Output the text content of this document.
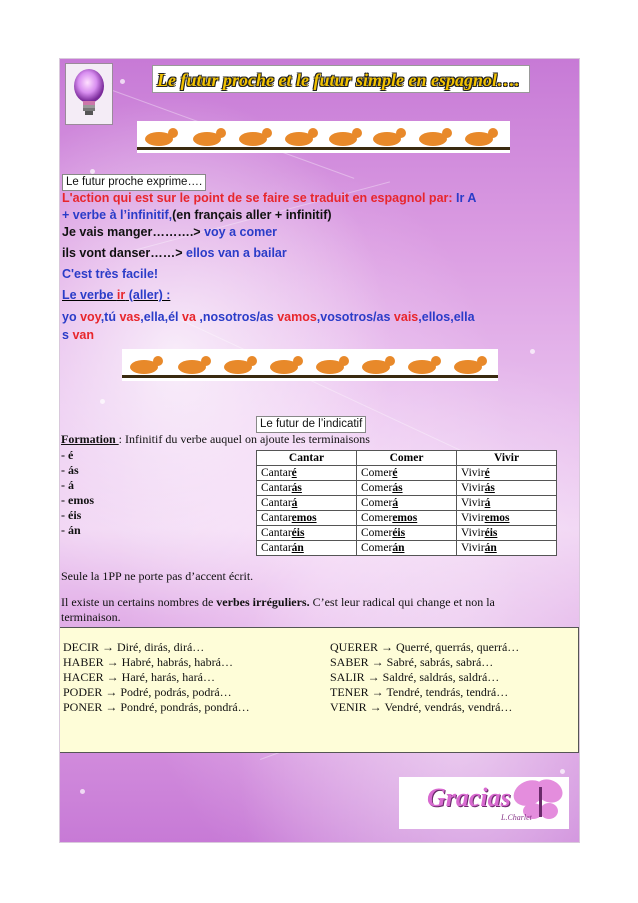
Le futur proche et le futur simple en espagnol….
Le futur proche exprime….
L'action qui est sur le point de se faire se traduit en espagnol par: Ir A
+ verbe à l’infinitif,(en français aller + infinitif)
Je vais manger……….> voy a comer
ils vont danser……> ellos van a bailar
C'est très facile!
Le verbe ir (aller) :
yo voy,tú vas,ella,él va ,nosotros/as vamos,vosotros/as vais,ellos,ella
s van
Le futur de l’indicatif
Formation : Infinitif du verbe auquel on ajoute les terminaisons
- é
- ás
- á
- emos
- éis
- án
Cantar	Comer	Vivir
Cantaré	Comeré	Viviré
Cantarás	Comerás	Vivirás
Cantará	Comerá	Vivirá
Cantaremos	Comeremos	Viviremos
Cantaréis	Comeréis	Viviréis
Cantarán	Comerán	Vivirán
Seule la 1PP ne porte pas d’accent écrit.
Il existe un certains nombres de verbes irréguliers. C’est leur radical qui change et non la
terminaison.
DECIR → Diré, dirás, dirá…
HABER → Habré, habrás, habrá…
HACER → Haré, harás, hará…
PODER → Podré, podrás, podrá…
PONER → Pondré, pondrás, pondrá…
QUERER → Querré, querrás, querrá…
SABER → Sabré, sabrás, sabrá…
SALIR → Saldré, saldrás, saldrá…
TENER → Tendré, tendrás, tendrá…
VENIR → Vendré, vendrás, vendrá…
Gracias
L.Charlet
